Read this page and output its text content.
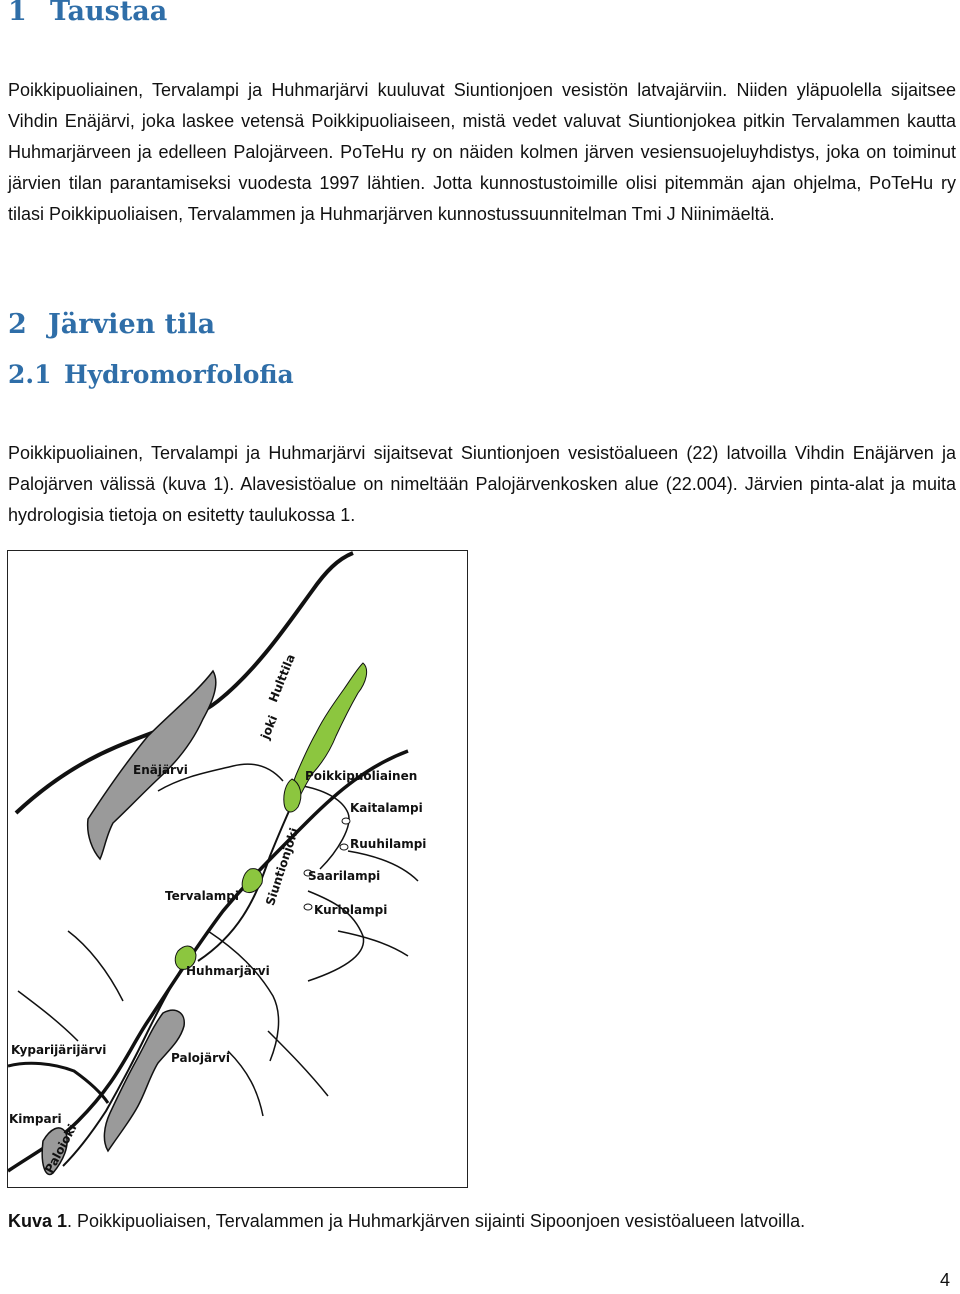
1 Taustaa

Poikkipuoliainen, Tervalampi ja Huhmarjärvi kuuluvat Siuntionjoen vesistön latvajärviin. Niiden yläpuolella sijaitsee Vihdin Enäjärvi, joka laskee vetensä Poikkipuoliaiseen, mistä vedet valuvat Siuntionjokea pitkin Tervalammen kautta Huhmarjärveen ja edelleen Palojärveen. PoTeHu ry on näiden kolmen järven vesiensuojeluyhdistys, joka on toiminut järvien tilan parantamiseksi vuodesta 1997 lähtien. Jotta kunnostustoimille olisi pitemmän ajan ohjelma, PoTeHu ry tilasi Poikkipuoliaisen, Tervalammen ja Huhmarjärven kunnostussuunnitelman Tmi J Niinimäeltä.

2 Järvien tila
2.1 Hydromorfolofia

Poikkipuoliainen, Tervalampi ja Huhmarjärvi sijaitsevat Siuntionjoen vesistöalueen (22) latvoilla Vihdin Enäjärven ja Palojärven välissä (kuva 1). Alavesistöalue on nimeltään Palojärvenkosken alue (22.004). Järvien pinta-alat ja muita hydrologisia tietoja on esitetty taulukossa 1.

Hulttila
joki
Enäjärvi	Poikkipuoliainen
Kaitalampi
Ruuhilampi
Siuntionjoki Saarilampi
Tervalampi
Kuriolampi
Huhmarjärvi
Kyparijärijärvi
Palojärvi
Kimpari
Paloioki
Kuva 1. Poikkipuoliaisen, Tervalammen ja Huhmarkjärven sijainti Sipoonjoen vesistöalueen latvoilla.
4
